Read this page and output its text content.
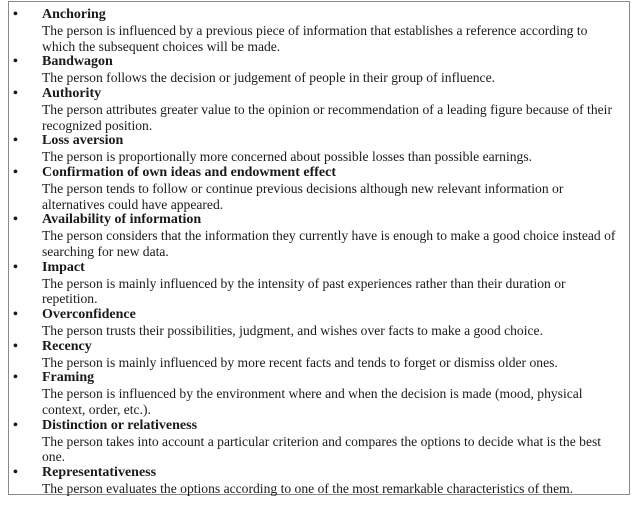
• Anchoring
The person is influenced by a previous piece of information that establishes a reference according to which the subsequent choices will be made.
• Bandwagon
The person follows the decision or judgement of people in their group of influence.
• Authority
The person attributes greater value to the opinion or recommendation of a leading figure because of their recognized position.
• Loss aversion
The person is proportionally more concerned about possible losses than possible earnings.
• Confirmation of own ideas and endowment effect
The person tends to follow or continue previous decisions although new relevant information or alternatives could have appeared.
• Availability of information
The person considers that the information they currently have is enough to make a good choice instead of searching for new data.
• Impact
The person is mainly influenced by the intensity of past experiences rather than their duration or repetition.
• Overconfidence
The person trusts their possibilities, judgment, and wishes over facts to make a good choice.
• Recency
The person is mainly influenced by more recent facts and tends to forget or dismiss older ones.
• Framing
The person is influenced by the environment where and when the decision is made (mood, physical context, order, etc.).
• Distinction or relativeness
The person takes into account a particular criterion and compares the options to decide what is the best one.
• Representativeness
The person evaluates the options according to one of the most remarkable characteristics of them.
